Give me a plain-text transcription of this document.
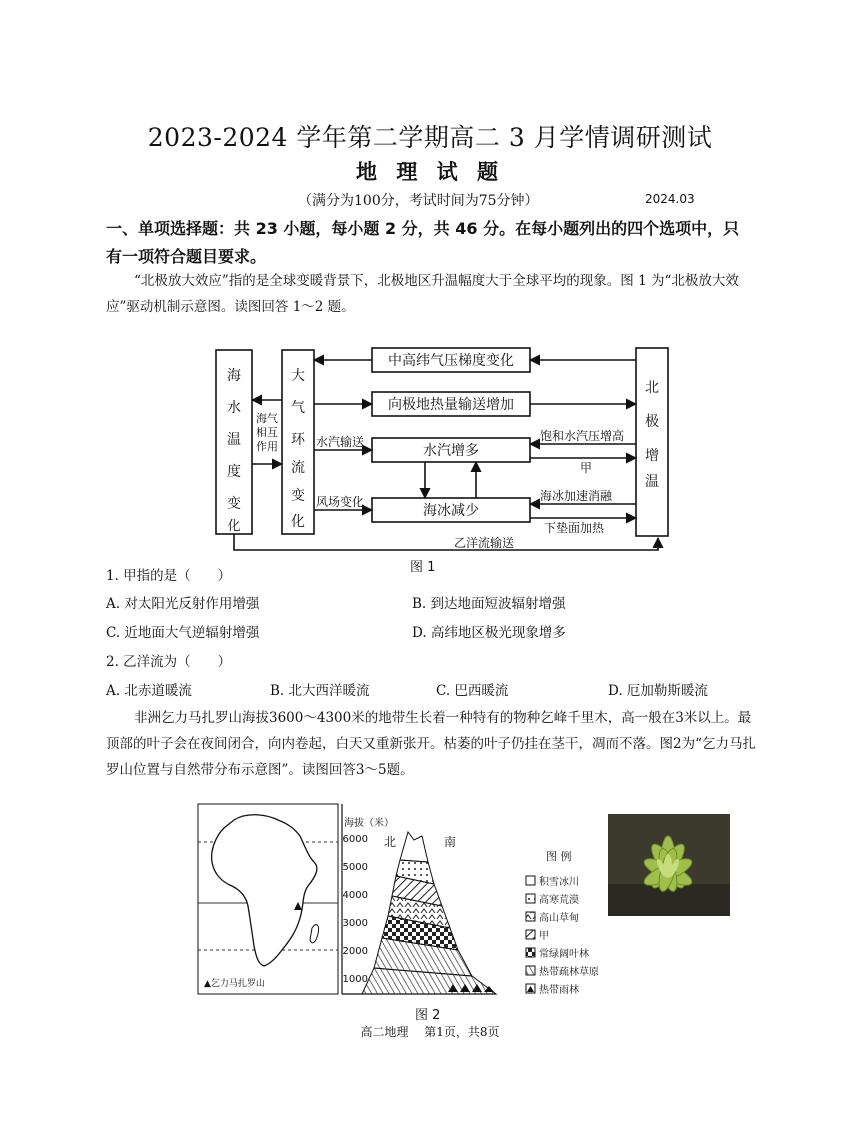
2023-2024 学年第二学期高二 3 月学情调研测试
地 理 试 题
（满分为100分，考试时间为75分钟）	2024.03
一、单项选择题：共 23 小题，每小题 2 分，共 46 分。在每小题列出的四个选项中，只
有一项符合题目要求。
“北极放大效应”指的是全球变暖背景下，北极地区升温幅度大于全球平均的现象。图 1 为“北极放大效应”驱动机制示意图。读图回答 1～2 题。
海
水
温
度
变
化
大
气
环
流
变
化
北
极
增
温
中高纬气压梯度变化
向极地热量输送增加
水汽增多
海冰减少
海气
相互
作用	水汽输送
风场变化
饱和水汽压增高
甲
海冰加速消融
下垫面加热
乙洋流输送
图 1
1. 甲指的是（　　）
A. 对太阳光反射作用增强	B. 到达地面短波辐射增强
C. 近地面大气逆辐射增强	D. 高纬地区极光现象增多
2. 乙洋流为（　　）
A. 北赤道暖流	B. 北大西洋暖流	C. 巴西暖流	D. 厄加勒斯暖流
非洲乞力马扎罗山海拔3600～4300米的地带生长着一种特有的物种乞峰千里木，高一般在3米以上。最顶部的叶子会在夜间闭合，向内卷起，白天又重新张开。枯萎的叶子仍挂在茎干，凋而不落。图2为“乞力马扎罗山位置与自然带分布示意图”。读图回答3～5题。
▲乞力马扎罗山
海拔（米）
6000
5000
4000
3000
2000
1000
北	南
图 例
积雪冰川
高寒荒漠
高山草甸
甲
常绿阔叶林
热带疏林草原
热带雨林
图 2
高二地理　 第1页，共8页
